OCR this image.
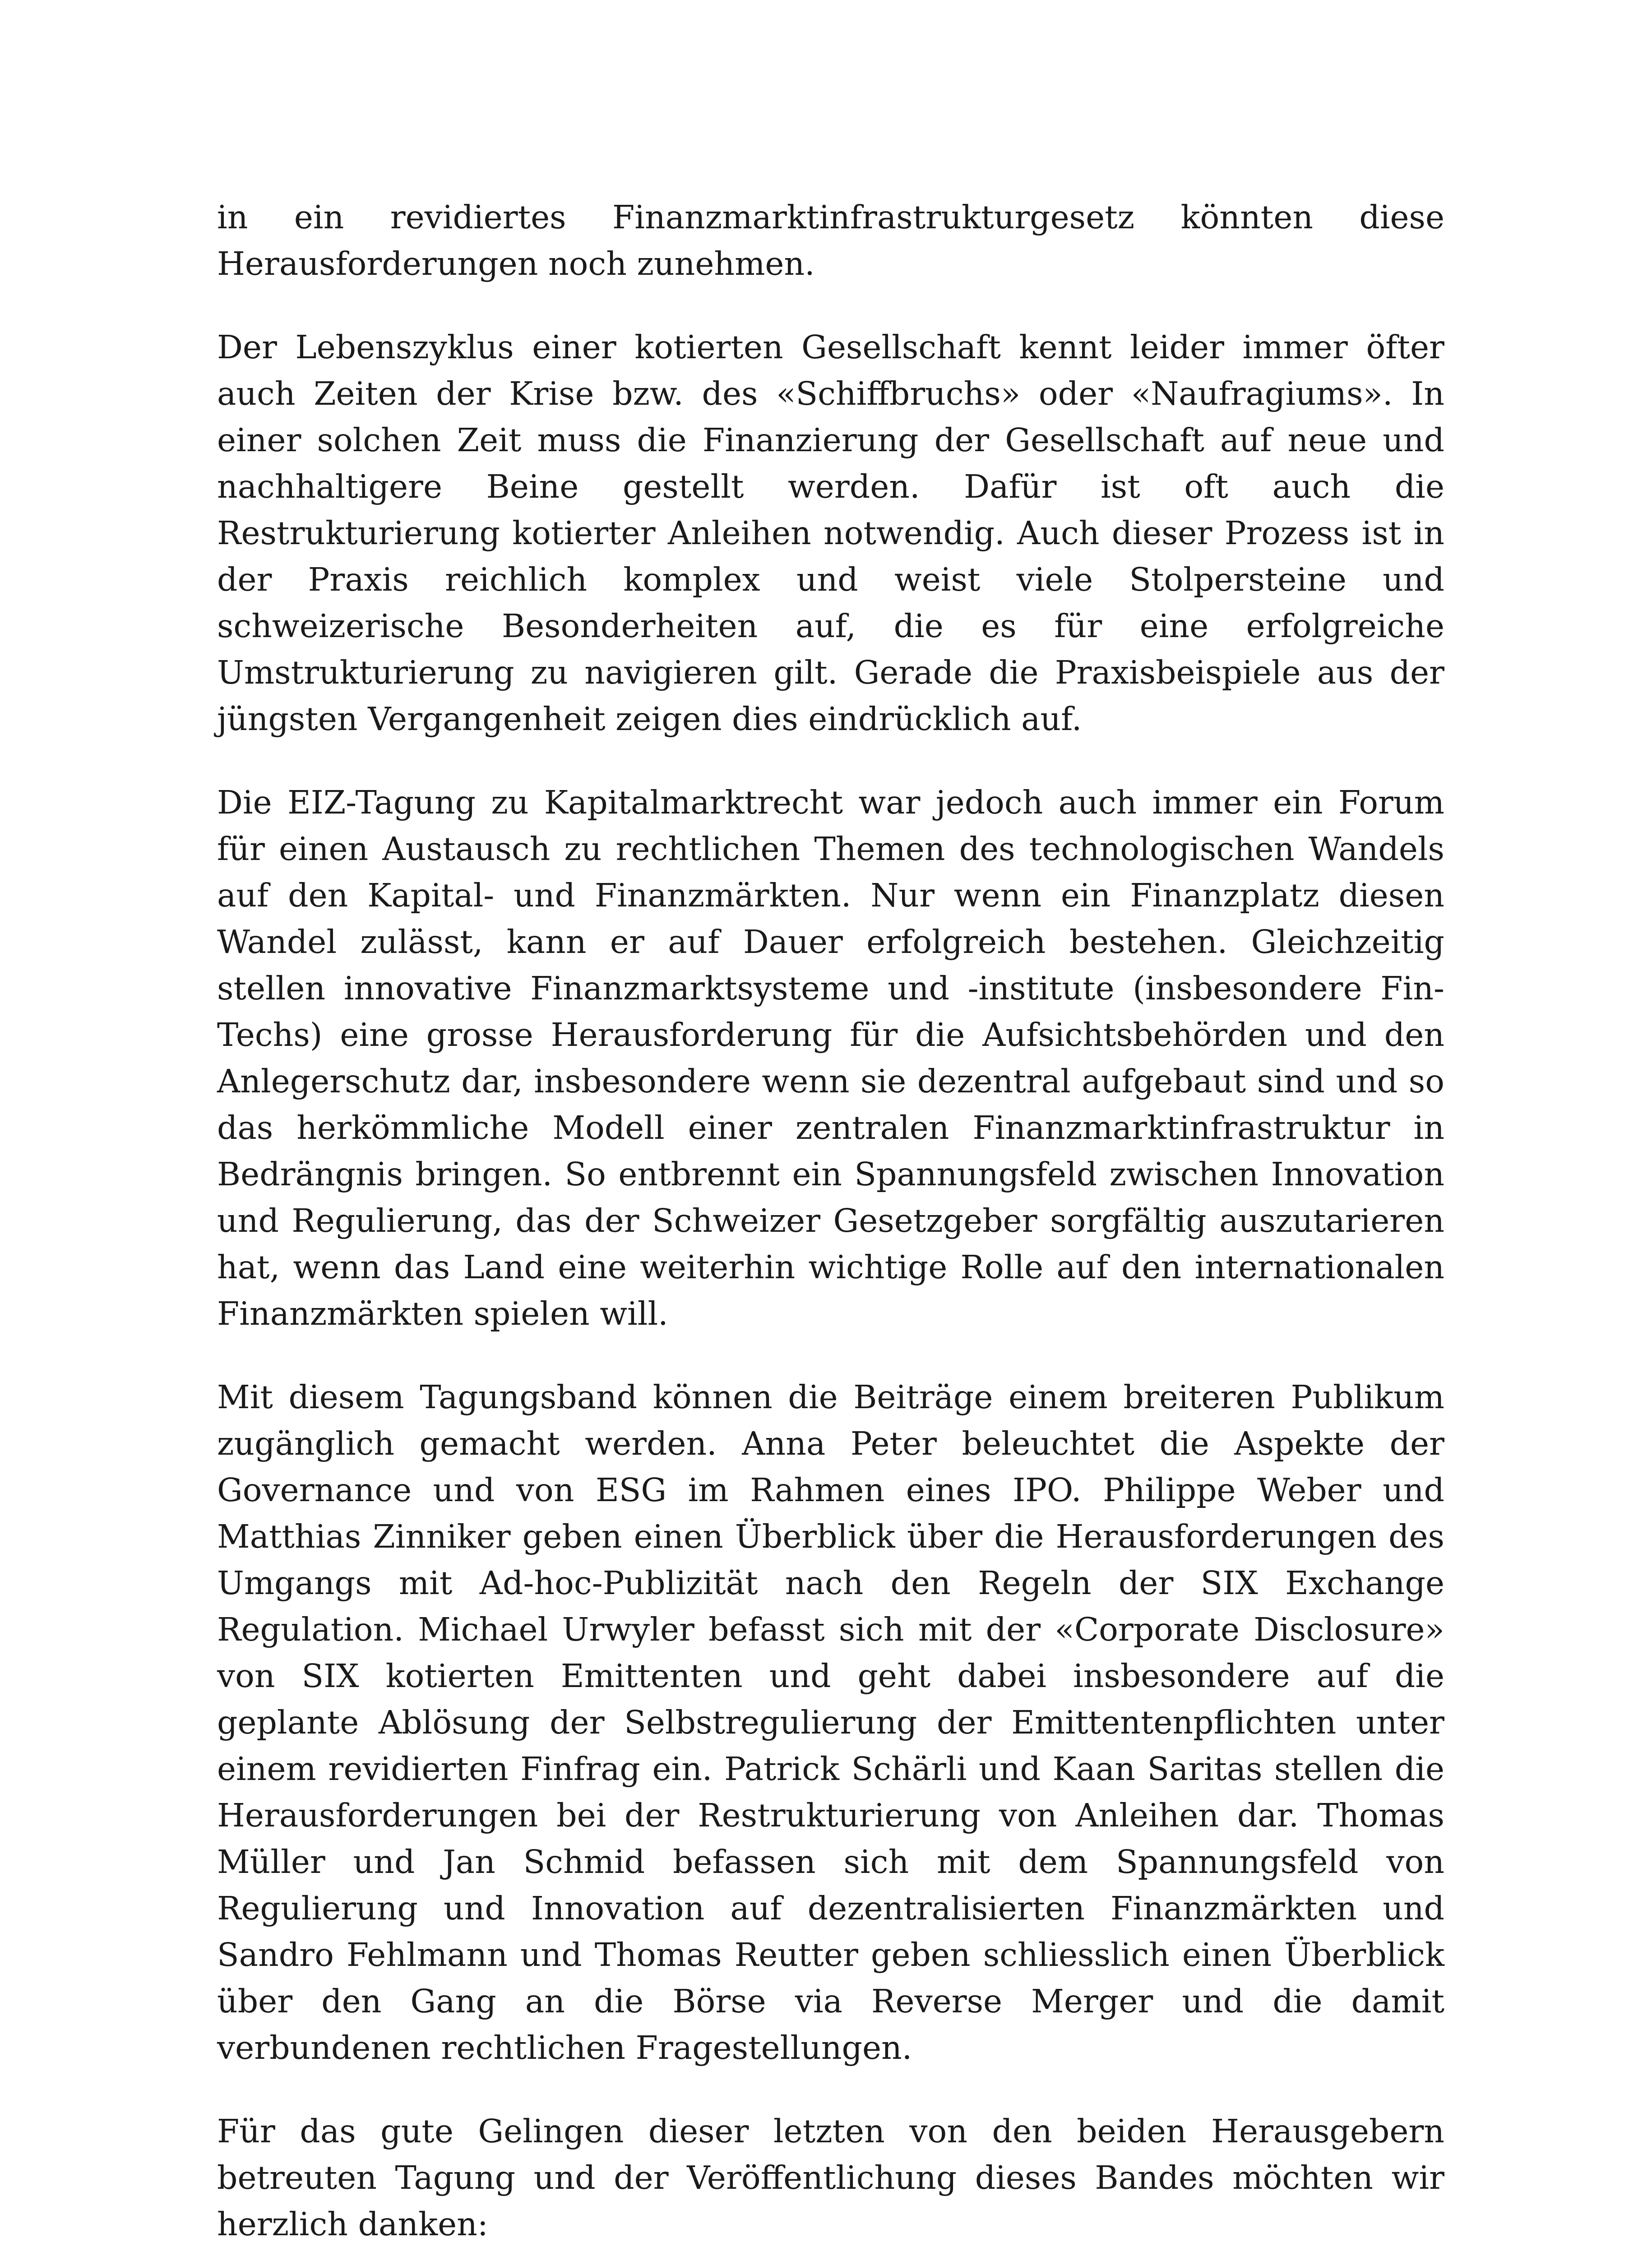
in ein revidiertes Finanzmarktinfrastrukturgesetz könnten diese Herausforderungen noch zunehmen.

Der Lebenszyklus einer kotierten Gesellschaft kennt leider immer öfter auch Zeiten der Krise bzw. des «Schiffbruchs» oder «Naufragiums». In einer solchen Zeit muss die Finanzierung der Gesellschaft auf neue und nachhaltigere Beine gestellt werden. Dafür ist oft auch die Restrukturierung kotierter Anleihen notwendig. Auch dieser Prozess ist in der Praxis reichlich komplex und weist viele Stolpersteine und schweizerische Besonderheiten auf, die es für eine erfolgreiche Umstrukturierung zu navigieren gilt. Gerade die Praxisbeispiele aus der jüngsten Vergangenheit zeigen dies eindrücklich auf.

Die EIZ-Tagung zu Kapitalmarktrecht war jedoch auch immer ein Forum für einen Austausch zu rechtlichen Themen des technologischen Wandels auf den Kapital- und Finanzmärkten. Nur wenn ein Finanzplatz diesen Wandel zulässt, kann er auf Dauer erfolgreich bestehen. Gleichzeitig stellen innovative Finanzmarktsysteme und -institute (insbesondere Fin-Techs) eine grosse Herausforderung für die Aufsichtsbehörden und den Anlegerschutz dar, insbesondere wenn sie dezentral aufgebaut sind und so das herkömmliche Modell einer zentralen Finanzmarktinfrastruktur in Bedrängnis bringen. So entbrennt ein Spannungsfeld zwischen Innovation und Regulierung, das der Schweizer Gesetzgeber sorgfältig auszutarieren hat, wenn das Land eine weiterhin wichtige Rolle auf den internationalen Finanzmärkten spielen will.

Mit diesem Tagungsband können die Beiträge einem breiteren Publikum zugänglich gemacht werden. Anna Peter beleuchtet die Aspekte der Governance und von ESG im Rahmen eines IPO. Philippe Weber und Matthias Zinniker geben einen Überblick über die Herausforderungen des Umgangs mit Ad-hoc-Publizität nach den Regeln der SIX Exchange Regulation. Michael Urwyler befasst sich mit der «Corporate Disclosure» von SIX kotierten Emittenten und geht dabei insbesondere auf die geplante Ablösung der Selbstregulierung der Emittentenpflichten unter einem revidierten Finfrag ein. Patrick Schärli und Kaan Saritas stellen die Herausforderungen bei der Restrukturierung von Anleihen dar. Thomas Müller und Jan Schmid befassen sich mit dem Spannungsfeld von Regulierung und Innovation auf dezentralisierten Finanzmärkten und Sandro Fehlmann und Thomas Reutter geben schliesslich einen Überblick über den Gang an die Börse via Reverse Merger und die damit verbundenen rechtlichen Fragestellungen.

Für das gute Gelingen dieser letzten von den beiden Herausgebern betreuten Tagung und der Veröffentlichung dieses Bandes möchten wir herzlich danken:
